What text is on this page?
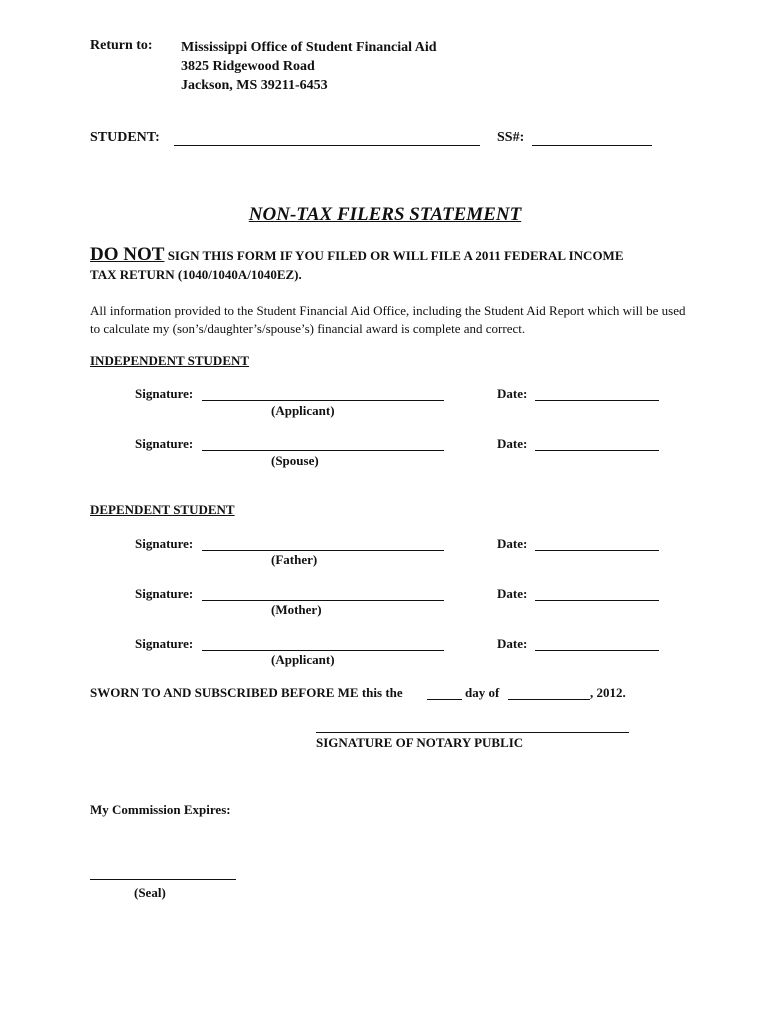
Return to: Mississippi Office of Student Financial Aid
3825 Ridgewood Road
Jackson, MS 39211-6453
STUDENT:	SS#:
NON-TAX FILERS STATEMENT
DO NOT SIGN THIS FORM IF YOU FILED OR WILL FILE A 2011 FEDERAL INCOME
TAX RETURN (1040/1040A/1040EZ).
All information provided to the Student Financial Aid Office, including the Student Aid Report which will be used to calculate my (son’s/daughter’s/spouse’s) financial award is complete and correct.
INDEPENDENT STUDENT
Signature:
(Applicant)
Date:
Signature:
(Spouse)
Date:
DEPENDENT STUDENT
Signature:
(Father)
Date:
Signature:
(Mother)
Date:
Signature:
(Applicant)
Date:
SWORN TO AND SUBSCRIBED BEFORE ME this the	day of	, 2012.
SIGNATURE OF NOTARY PUBLIC
My Commission Expires:
(Seal)
